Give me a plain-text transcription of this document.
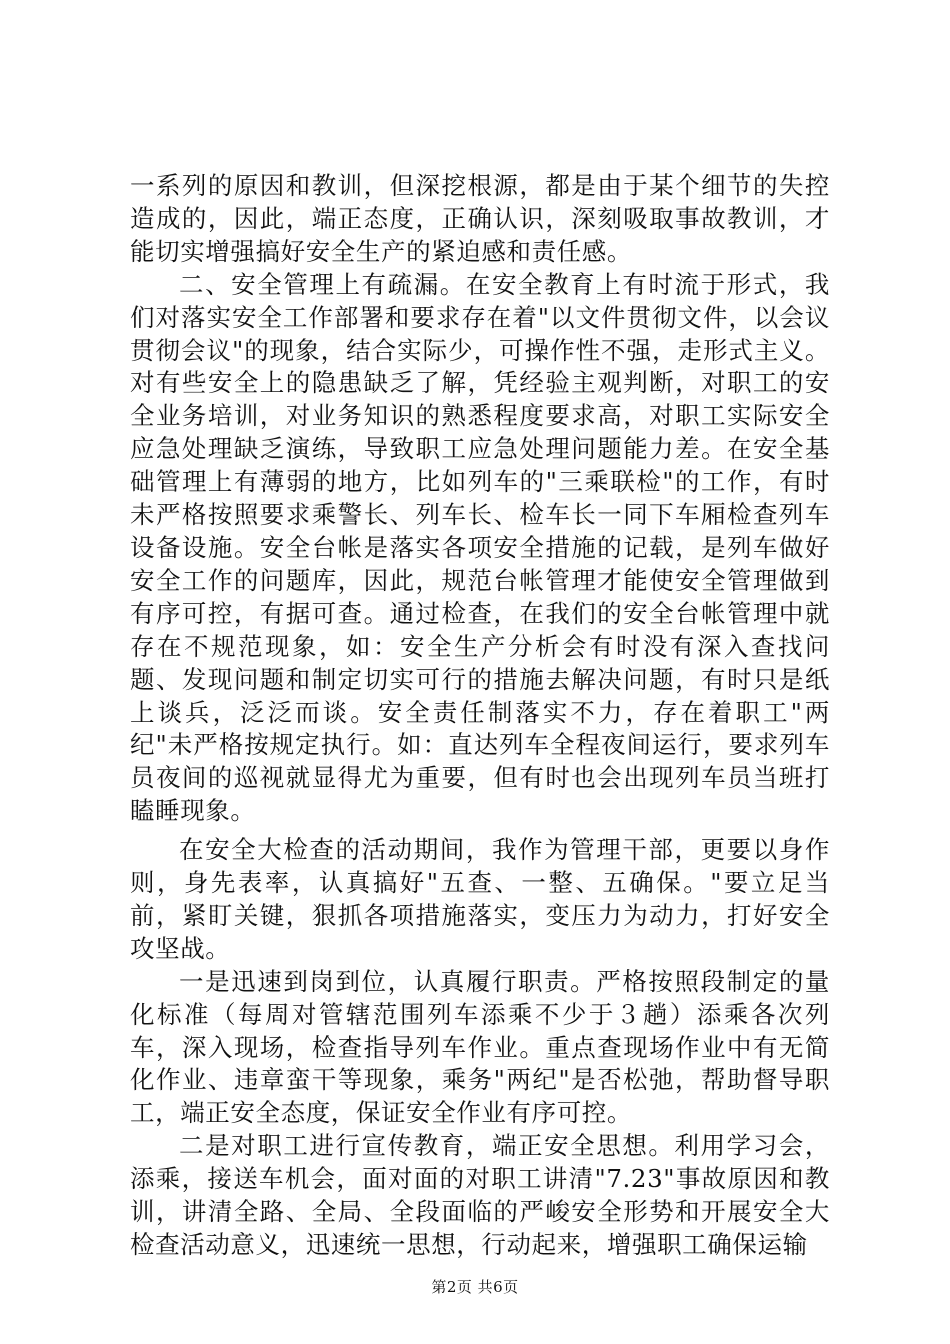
一系列的原因和教训，但深挖根源，都是由于某个细节的失控造成的，因此，端正态度，正确认识，深刻吸取事故教训，才能切实增强搞好安全生产的紧迫感和责任感。

二、安全管理上有疏漏。在安全教育上有时流于形式，我们对落实安全工作部署和要求存在着"以文件贯彻文件，以会议贯彻会议"的现象，结合实际少，可操作性不强，走形式主义。对有些安全上的隐患缺乏了解，凭经验主观判断，对职工的安全业务培训，对业务知识的熟悉程度要求高，对职工实际安全应急处理缺乏演练，导致职工应急处理问题能力差。在安全基础管理上有薄弱的地方，比如列车的"三乘联检"的工作，有时未严格按照要求乘警长、列车长、检车长一同下车厢检查列车设备设施。安全台帐是落实各项安全措施的记载，是列车做好安全工作的问题库，因此，规范台帐管理才能使安全管理做到有序可控，有据可查。通过检查，在我们的安全台帐管理中就存在不规范现象，如：安全生产分析会有时没有深入查找问题、发现问题和制定切实可行的措施去解决问题，有时只是纸上谈兵，泛泛而谈。安全责任制落实不力，存在着职工"两纪"未严格按规定执行。如：直达列车全程夜间运行，要求列车员夜间的巡视就显得尤为重要，但有时也会出现列车员当班打瞌睡现象。

在安全大检查的活动期间，我作为管理干部，更要以身作则，身先表率，认真搞好"五查、一整、五确保。"要立足当前，紧盯关键，狠抓各项措施落实，变压力为动力，打好安全攻坚战。

一是迅速到岗到位，认真履行职责。严格按照段制定的量化标准（每周对管辖范围列车添乘不少于３趟）添乘各次列车，深入现场，检查指导列车作业。重点查现场作业中有无简化作业、违章蛮干等现象，乘务"两纪"是否松弛，帮助督导职工，端正安全态度，保证安全作业有序可控。

二是对职工进行宣传教育，端正安全思想。利用学习会，添乘，接送车机会，面对面的对职工讲清"7.23"事故原因和教训，讲清全路、全局、全段面临的严峻安全形势和开展安全大检查活动意义，迅速统一思想，行动起来，增强职工确保运输

第2页 共6页
